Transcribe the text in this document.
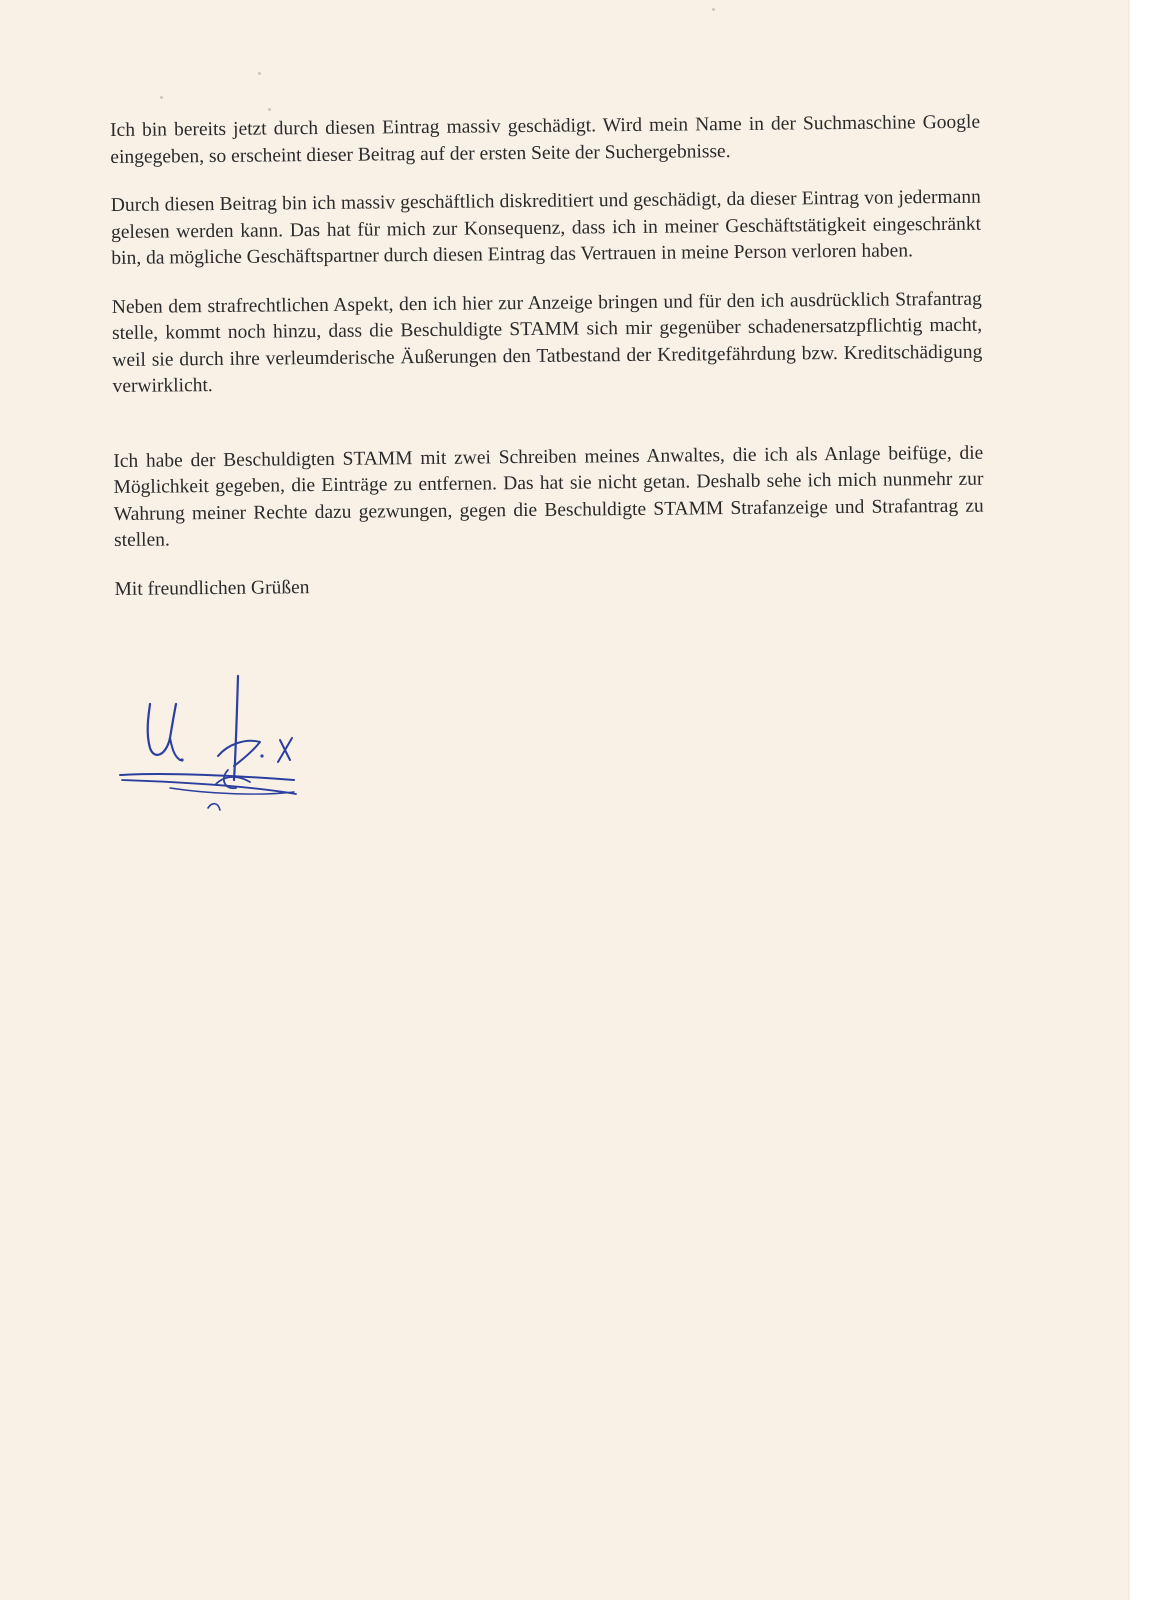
Ich bin bereits jetzt durch diesen Eintrag massiv geschädigt. Wird mein Name in der Suchmaschine Google eingegeben, so erscheint dieser Beitrag auf der ersten Seite der Suchergebnisse.

Durch diesen Beitrag bin ich massiv geschäftlich diskreditiert und geschädigt, da dieser Eintrag von jedermann gelesen werden kann. Das hat für mich zur Konsequenz, dass ich in meiner Geschäftstätigkeit eingeschränkt bin, da mögliche Geschäftspartner durch diesen Eintrag das Vertrauen in meine Person verloren haben.

Neben dem strafrechtlichen Aspekt, den ich hier zur Anzeige bringen und für den ich ausdrücklich Strafantrag stelle, kommt noch hinzu, dass die Beschuldigte STAMM sich mir gegenüber schadenersatzpflichtig macht, weil sie durch ihre verleumderische Äußerungen den Tatbestand der Kreditgefährdung bzw. Kreditschädigung verwirklicht.

Ich habe der Beschuldigten STAMM mit zwei Schreiben meines Anwaltes, die ich als Anlage beifüge, die Möglichkeit gegeben, die Einträge zu entfernen. Das hat sie nicht getan. Deshalb sehe ich mich nunmehr zur Wahrung meiner Rechte dazu gezwungen, gegen die Beschuldigte STAMM Strafanzeige und Strafantrag zu stellen.

Mit freundlichen Grüßen
